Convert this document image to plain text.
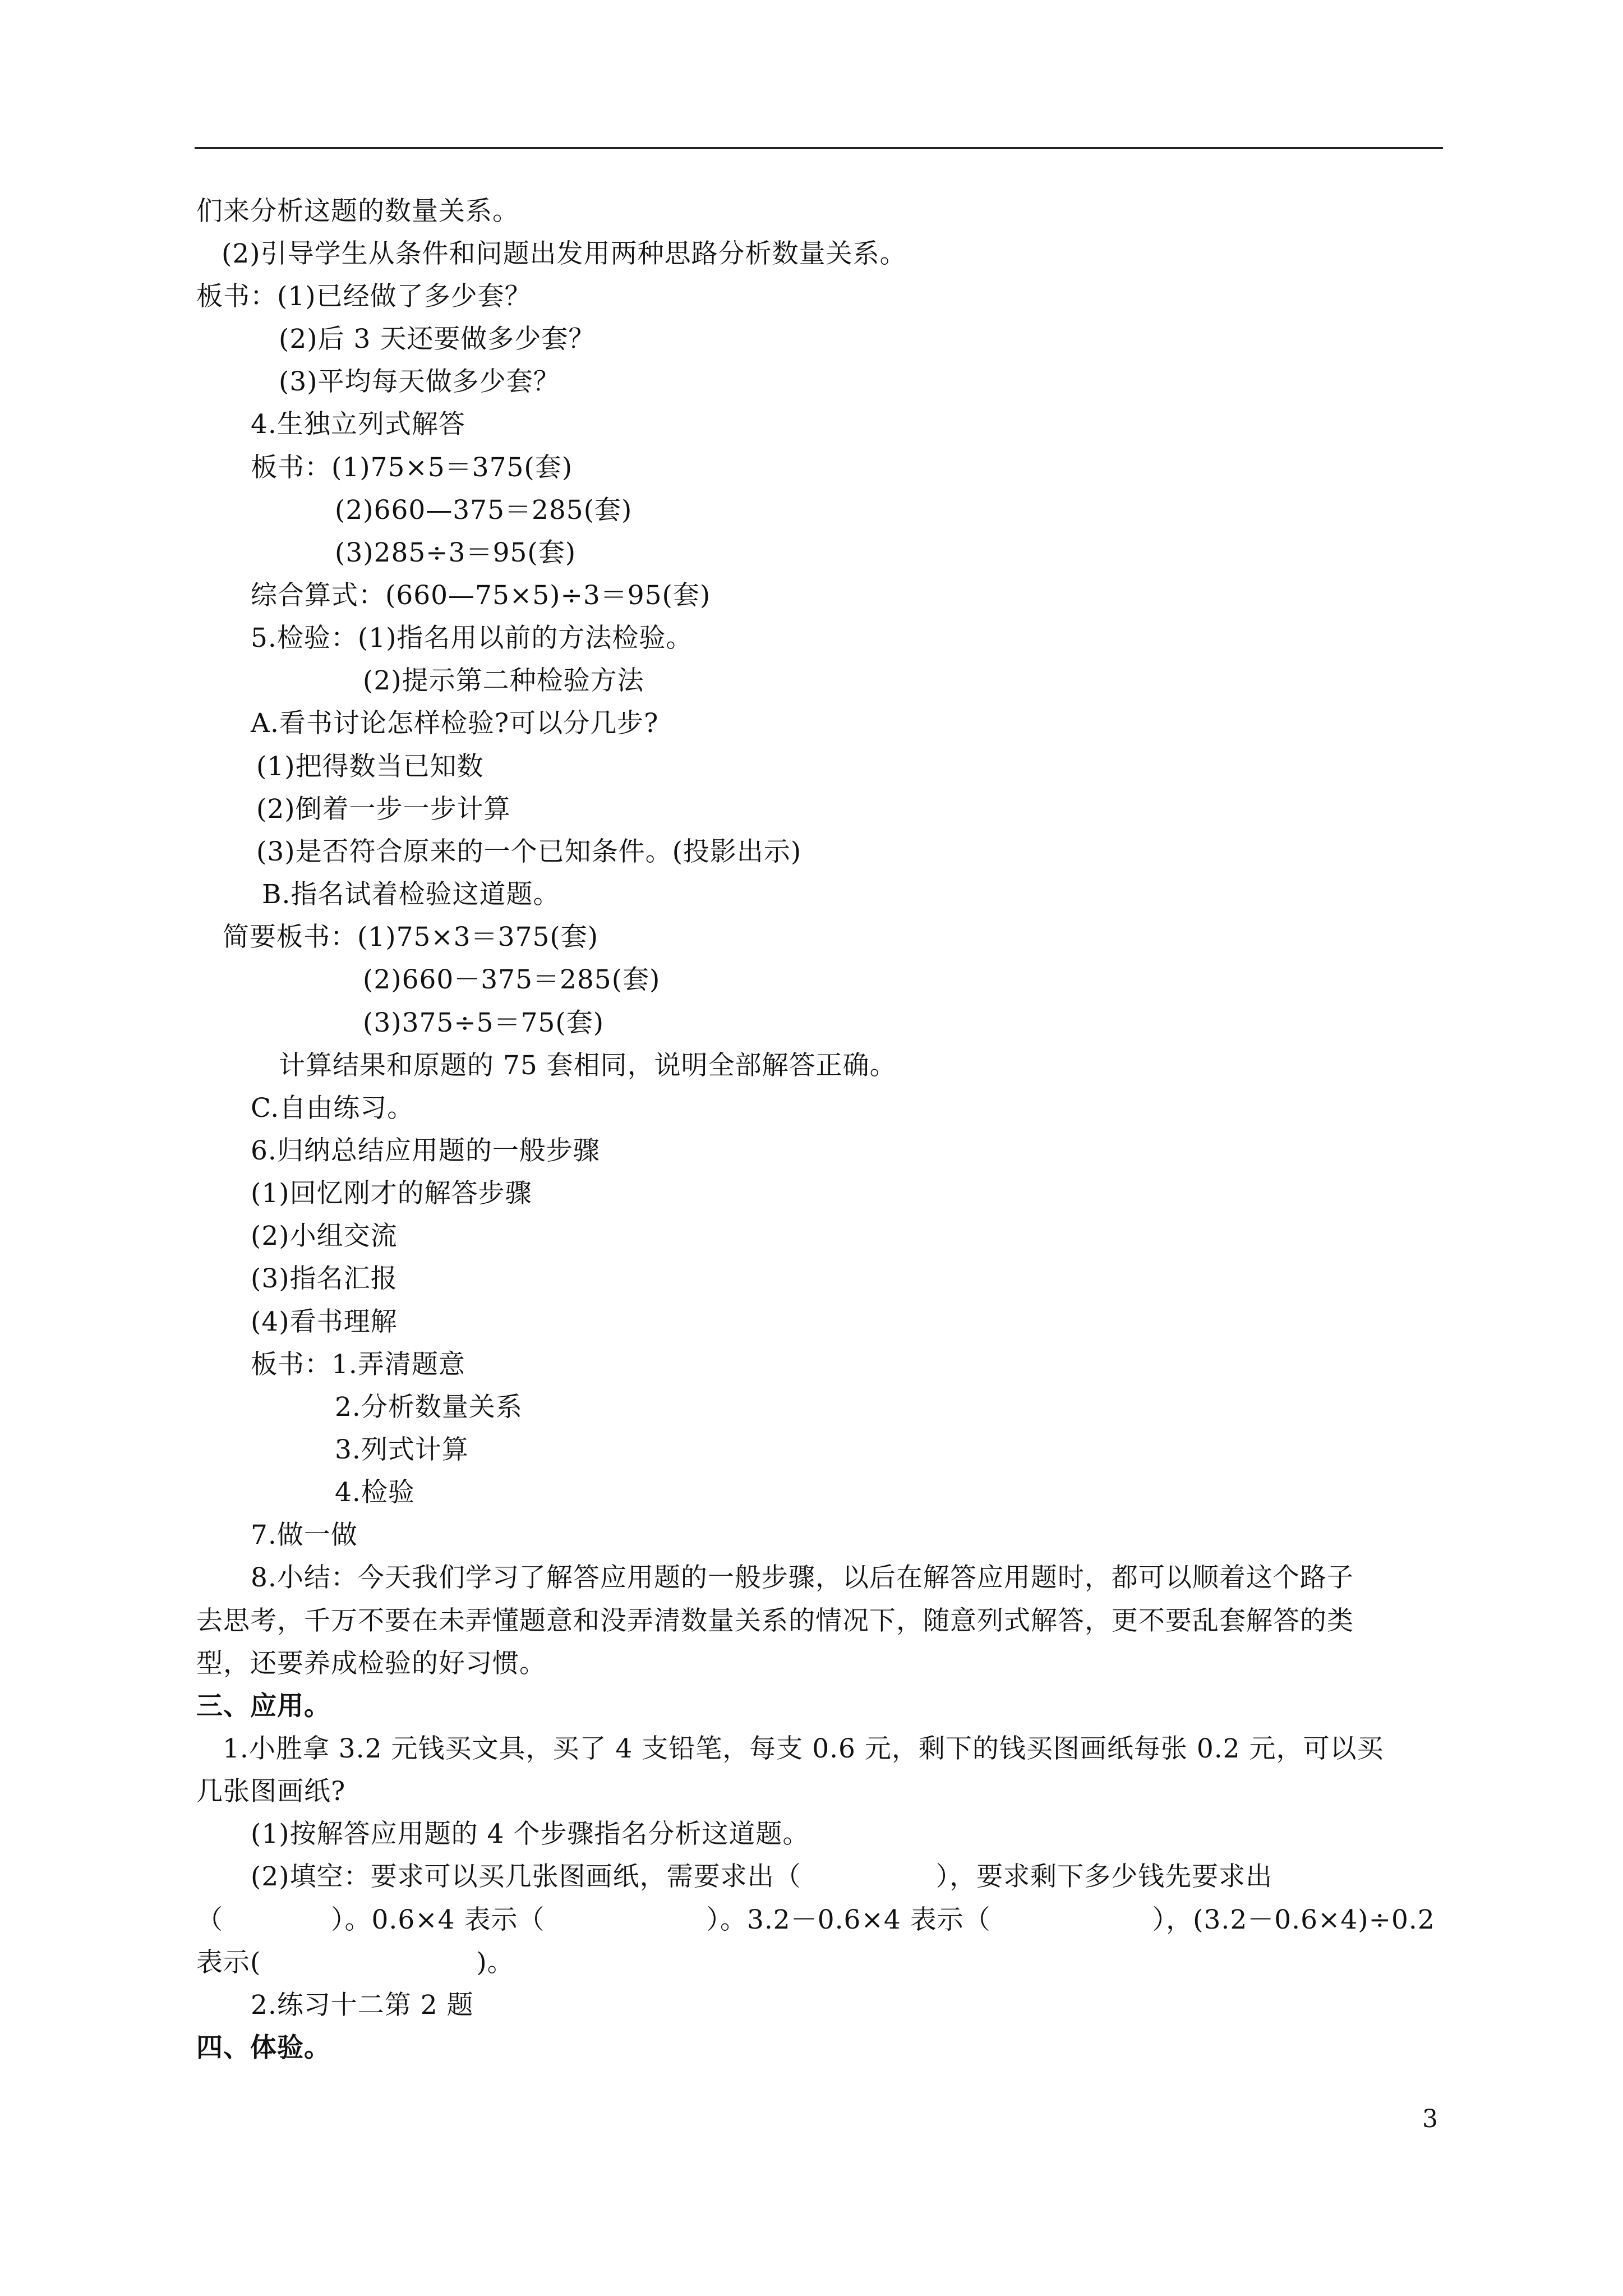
们来分析这题的数量关系。
(2)引导学生从条件和问题出发用两种思路分析数量关系。
板书：(1)已经做了多少套？
(2)后 3 天还要做多少套？
(3)平均每天做多少套？
4.生独立列式解答
板书：(1)75×5＝375(套)
(2)660—375＝285(套)
(3)285÷3＝95(套)
综合算式：(660—75×5)÷3＝95(套)
5.检验：(1)指名用以前的方法检验。
(2)提示第二种检验方法
A.看书讨论怎样检验?可以分几步?
(1)把得数当已知数
(2)倒着一步一步计算
(3)是否符合原来的一个已知条件。(投影出示)
B.指名试着检验这道题。
简要板书：(1)75×3＝375(套)
(2)660－375＝285(套)
(3)375÷5＝75(套)
计算结果和原题的 75 套相同，说明全部解答正确。
C.自由练习。
6.归纳总结应用题的一般步骤
(1)回忆刚才的解答步骤
(2)小组交流
(3)指名汇报
(4)看书理解
板书：1.弄清题意
2.分析数量关系
3.列式计算
4.检验
7.做一做
8.小结：今天我们学习了解答应用题的一般步骤，以后在解答应用题时，都可以顺着这个路子
去思考，千万不要在未弄懂题意和没弄清数量关系的情况下，随意列式解答，更不要乱套解答的类
型，还要养成检验的好习惯。
三、应用。
1.小胜拿 3.2 元钱买文具，买了 4 支铅笔，每支 0.6 元，剩下的钱买图画纸每张 0.2 元，可以买
几张图画纸?
(1)按解答应用题的 4 个步骤指名分析这道题。
(2)填空：要求可以买几张图画纸，需要求出（　　　　　），要求剩下多少钱先要求出
（　　　　）。0.6×4 表示（　　　　　　）。3.2－0.6×4 表示（　　　　　　），(3.2－0.6×4)÷0.2
表示(　　　　　　　　)。
2.练习十二第 2 题
四、体验。
3
